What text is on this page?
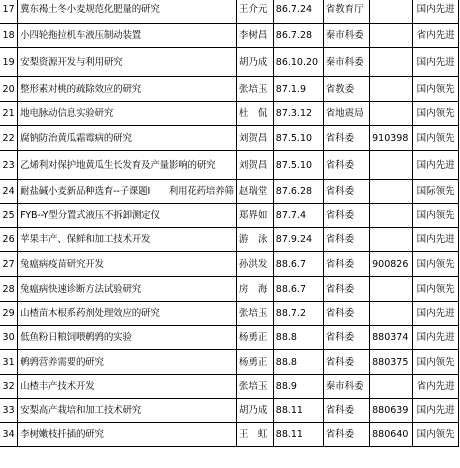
17	冀东褐土冬小麦规范化肥量的研究	王介元	86.7.24	省教育厅		国内先进
18	小四轮拖拉机车液压制动装置	李树昌	86.7.28	秦市科委		省内先进
19	安梨资源开发与利用研究	胡乃成	86.10.20	秦市科委		国内先进
20	整形素对桃的疏除效应的研究	张培玉	87.1.9	省教委		国内领先
21	地电脉动信息实验研究	杜　侃	87.3.12	省地震局		国内领先
22	腐钠防治黄瓜霜霉病的研究	刘贺昌	87.5.10	省科委	910398	国内领先
23	乙烯利对保护地黄瓜生长发育及产量影响的研究	刘贺昌	87.5.10	省科委		国内先进
24	耐盐碱小麦新品种选育--子课题Ⅰ　　利用花药培养筛	赵瑞堂	87.6.28	省科委		国际领先
25	FYB--Y型分置式液压不拆卸测定仪	郑界如	87.7.4	省科委		国内领先
26	苹果丰产、保鲜和加工技术开发	游　泳	87.9.24	省科委		国内先进
27	兔瘟病疫苗研究开发	孙洪发	88.6.7	省科委	900826	国内领先
28	兔瘟病快速诊断方法试验研究	房　海	88.6.7	省科委		国内领先
29	山楂苗木根系药剂处理效应的研究	张培玉	88.7.2	省科委		国内先进
30	低鱼粉日粮饲喂鹌鹑的实验	杨勇正	88.8	省科委	880374	国内先进
31	鹌鹑营养需要的研究	杨勇正	88.8	省科委	880375	国内领先
32	山楂丰产技术开发	张培玉	88.9	秦市科委		省内先进
33	安梨高产栽培和加工技术研究	胡乃成	88.11	省科委	880639	国内先进
34	李树嫩枝扦插的研究	王　虹	88.11	省科委	880640	国内领先
